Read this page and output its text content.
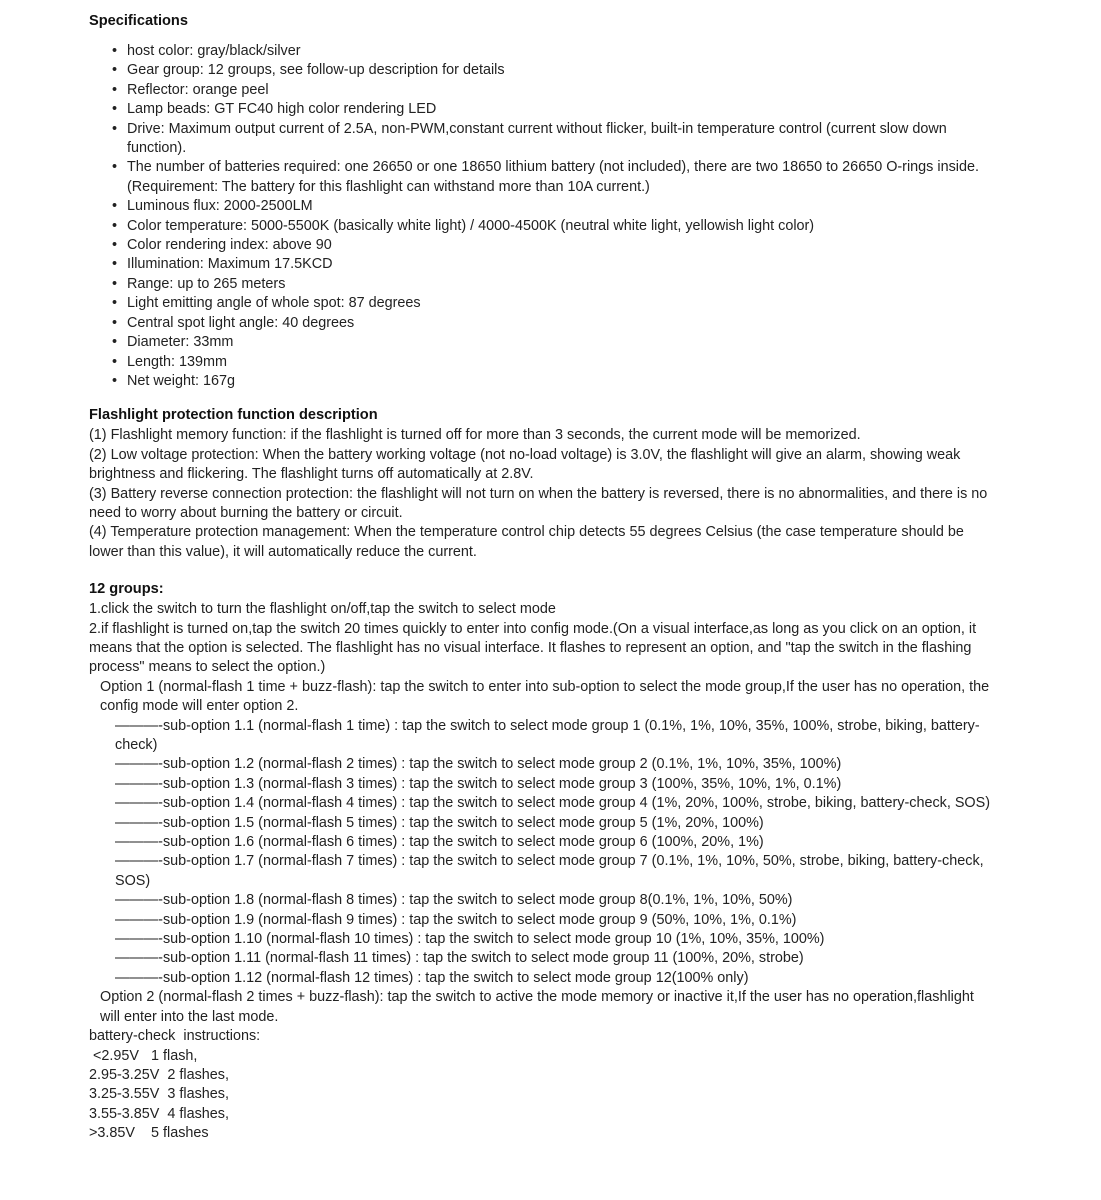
Specifications
• host color: gray/black/silver
• Gear group: 12 groups, see follow-up description for details
• Reflector: orange peel
• Lamp beads: GT FC40 high color rendering LED
• Drive: Maximum output current of 2.5A, non-PWM,constant current without flicker, built-in temperature control (current slow down function).
• The number of batteries required: one 26650 or one 18650 lithium battery (not included), there are two 18650 to 26650 O-rings inside. (Requirement: The battery for this flashlight can withstand more than 10A current.)
• Luminous flux: 2000-2500LM
• Color temperature: 5000-5500K (basically white light) / 4000-4500K (neutral white light, yellowish light color)
• Color rendering index: above 90
• Illumination: Maximum 17.5KCD
• Range: up to 265 meters
• Light emitting angle of whole spot: 87 degrees
• Central spot light angle: 40 degrees
• Diameter: 33mm
• Length: 139mm
• Net weight: 167g
Flashlight protection function description

(1) Flashlight memory function: if the flashlight is turned off for more than 3 seconds, the current mode will be memorized.

(2) Low voltage protection: When the battery working voltage (not no-load voltage) is 3.0V, the flashlight will give an alarm, showing weak brightness and flickering. The flashlight turns off automatically at 2.8V.

(3) Battery reverse connection protection: the flashlight will not turn on when the battery is reversed, there is no abnormalities, and there is no need to worry about burning the battery or circuit.

(4) Temperature protection management: When the temperature control chip detects 55 degrees Celsius (the case temperature should be lower than this value), it will automatically reduce the current.

12 groups:

1.click the switch to turn the flashlight on/off,tap the switch to select mode

2.if flashlight is turned on,tap the switch 20 times quickly to enter into config mode.(On a visual interface,as long as you click on an option, it means that the option is selected. The flashlight has no visual interface. It flashes to represent an option, and "tap the switch in the flashing process" means to select the option.)

Option 1 (normal-flash 1 time + buzz-flash): tap the switch to enter into sub-option to select the mode group,If the user has no operation, the config mode will enter option 2.

———-sub-option 1.1 (normal-flash 1 time) : tap the switch to select mode group 1 (0.1%, 1%, 10%, 35%, 100%, strobe, biking, battery-check)

———-sub-option 1.2 (normal-flash 2 times) : tap the switch to select mode group 2 (0.1%, 1%, 10%, 35%, 100%)

———-sub-option 1.3 (normal-flash 3 times) : tap the switch to select mode group 3 (100%, 35%, 10%, 1%, 0.1%)

———-sub-option 1.4 (normal-flash 4 times) : tap the switch to select mode group 4 (1%, 20%, 100%, strobe, biking, battery-check, SOS)

———-sub-option 1.5 (normal-flash 5 times) : tap the switch to select mode group 5 (1%, 20%, 100%)

———-sub-option 1.6 (normal-flash 6 times) : tap the switch to select mode group 6 (100%, 20%, 1%)

———-sub-option 1.7 (normal-flash 7 times) : tap the switch to select mode group 7 (0.1%, 1%, 10%, 50%, strobe, biking, battery-check, SOS)

———-sub-option 1.8 (normal-flash 8 times) : tap the switch to select mode group 8(0.1%, 1%, 10%, 50%)

———-sub-option 1.9 (normal-flash 9 times) : tap the switch to select mode group 9 (50%, 10%, 1%, 0.1%)

———-sub-option 1.10 (normal-flash 10 times) : tap the switch to select mode group 10 (1%, 10%, 35%, 100%)

———-sub-option 1.11 (normal-flash 11 times) : tap the switch to select mode group 11 (100%, 20%, strobe)

———-sub-option 1.12 (normal-flash 12 times) : tap the switch to select mode group 12(100% only)

Option 2 (normal-flash 2 times + buzz-flash): tap the switch to active the mode memory or inactive it,If the user has no operation,flashlight will enter into the last mode.

battery-check  instructions:

<2.95V   1 flash,

2.95-3.25V  2 flashes,

3.25-3.55V  3 flashes,

3.55-3.85V  4 flashes,

>3.85V    5 flashes
